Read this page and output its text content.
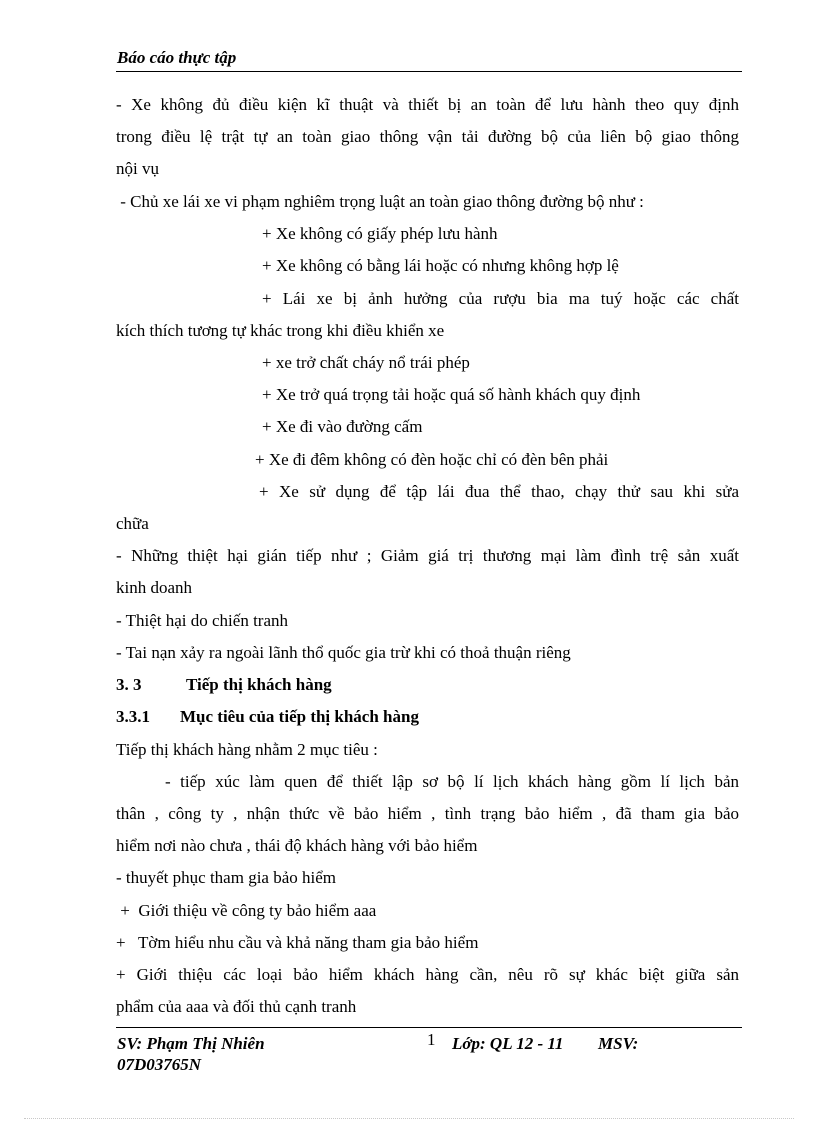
Báo cáo thực tập
- Xe không đủ điều kiện kĩ thuật và thiết bị an toàn để lưu hành theo quy định
trong điều lệ trật tự an toàn giao thông vận tải đường bộ của liên bộ giao thông
nội vụ
- Chủ xe lái xe vi phạm nghiêm trọng luật an toàn giao thông đường bộ như :
+ Xe không có giấy phép lưu hành
+ Xe không có bằng lái hoặc có nhưng không hợp lệ
+ Lái xe bị ảnh hưởng của rượu bia ma tuý hoặc các chất
kích thích tương tự khác trong khi điều khiển xe
+ xe trở chất cháy nổ trái phép
+ Xe trở quá trọng tải hoặc quá số hành khách quy định
+ Xe đi vào đường cấm
+ Xe đi đêm không có đèn hoặc chỉ có đèn bên phải
+ Xe sử dụng để tập lái đua thể thao, chạy thử sau khi sửa
chữa
- Những thiệt hại gián tiếp như ; Giảm giá trị thương mại làm đình trệ sản xuất
kinh doanh
- Thiệt hại do chiến tranh
- Tai nạn xảy ra ngoài lãnh thổ quốc gia trừ khi có thoả thuận riêng
3. 3	Tiếp thị khách hàng
3.3.1 Mục tiêu của tiếp thị khách hàng
Tiếp thị khách hàng nhằm 2 mục tiêu :
- tiếp xúc làm quen để thiết lập sơ bộ lí lịch khách hàng gồm lí lịch bản
thân , công ty , nhận thức về bảo hiểm , tình trạng bảo hiểm , đã tham gia bảo
hiểm nơi nào chưa , thái độ khách hàng với bảo hiểm
- thuyết phục tham gia bảo hiểm
+  Giới thiệu về công ty bảo hiểm aaa
+   Tờm hiểu nhu cầu và khả năng tham gia bảo hiểm
+ Giới thiệu các loại bảo hiểm khách hàng cần, nêu rõ sự khác biệt giữa sản
phẩm của aaa và đối thủ cạnh tranh
SV: Phạm Thị Nhiên	1 Lớp: QL 12 - 11 MSV:
07D03765N
